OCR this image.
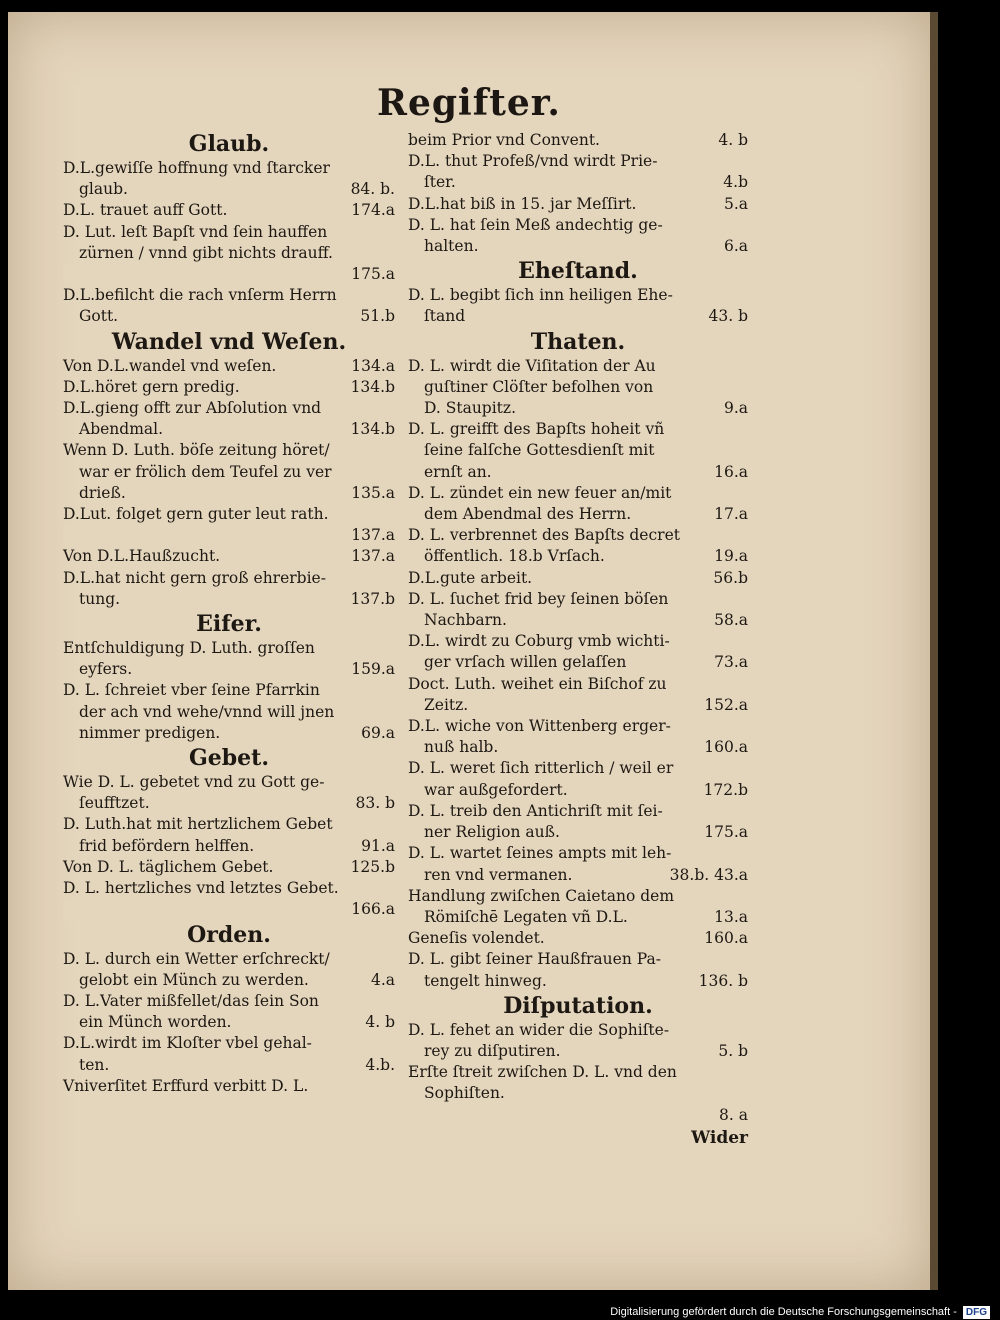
Regifter.
Glaub.
D.L.gewiſſe hoffnung vnd ſtarcker
glaub.	84. b.
D.L. trauet auff Gott.	174.a
D. Lut. leſt Bapſt vnd ſein hauffen
zürnen / vnnd gibt nichts drauff.
175.a
D.L.befilcht die rach vnſerm Herrn
Gott.	51.b
Wandel vnd Weſen.
Von D.L.wandel vnd weſen.	134.a
D.L.höret gern predig.	134.b
D.L.gieng offt zur Abſolution vnd
Abendmal.	134.b
Wenn D. Luth. böſe zeitung höret/
war er frölich dem Teufel zu ver
drieß.	135.a
D.Lut. folget gern guter leut rath.
137.a
Von D.L.Haußzucht.	137.a
D.L.hat nicht gern groß ehrerbie-
tung.	137.b
Eifer.
Entſchuldigung D. Luth. groſſen
eyfers.	159.a
D. L. ſchreiet vber ſeine Pfarrkin
der ach vnd wehe/vnnd will jnen
nimmer predigen.	69.a
Gebet.
Wie D. L. gebetet vnd zu Gott ge-
ſeufftzet.	83. b
D. Luth.hat mit hertzlichem Gebet
frid befördern helffen.	91.a
Von D. L. täglichem Gebet.	125.b
D. L. hertzliches vnd letztes Gebet.
166.a
Orden.
D. L. durch ein Wetter erſchreckt/
gelobt ein Münch zu werden.	4.a
D. L.Vater mißfellet/das ſein Son
ein Münch worden.	4. b
D.L.wirdt im Kloſter vbel gehal-
ten.	4.b.
Vniverſitet Erffurd verbitt D. L.
beim Prior vnd Convent.	4. b
D.L. thut Profeß/vnd wirdt Prie-
ſter.	4.b
D.L.hat biß in 15. jar Meſſirt.	5.a
D. L. hat ſein Meß andechtig ge-
halten.	6.a
Eheſtand.
D. L. begibt ſich inn heiligen Ehe-
ſtand	43. b
Thaten.
D. L. wirdt die Viſitation der Au
guſtiner Clöſter befolhen von
D. Staupitz.	9.a
D. L. greifft des Bapſts hoheit vñ
ſeine falſche Gottesdienſt mit
ernſt an.	16.a
D. L. zündet ein new feuer an/mit
dem Abendmal des Herrn.	17.a
D. L. verbrennet des Bapſts decret
öffentlich. 18.b Vrſach.	19.a
D.L.gute arbeit.	56.b
D. L. ſuchet frid bey ſeinen böſen
Nachbarn.	58.a
D.L. wirdt zu Coburg vmb wichti-
ger vrſach willen gelaſſen	73.a
Doct. Luth. weihet ein Biſchof zu
Zeitz.	152.a
D.L. wiche von Wittenberg erger-
nuß halb.	160.a
D. L. weret ſich ritterlich / weil er
war außgefordert.	172.b
D. L. treib den Antichriſt mit ſei-
ner Religion auß.	175.a
D. L. wartet ſeines ampts mit leh-
ren vnd vermanen.	38.b. 43.a
Handlung zwiſchen Caietano dem
Römiſchē Legaten vñ D.L.	13.a
Geneſis volendet.	160.a
D. L. gibt ſeiner Haußfrauen Pa-
tengelt hinweg.	136. b
Diſputation.
D. L. fehet an wider die Sophiſte-
rey zu diſputiren.	5. b
Erſte ſtreit zwiſchen D. L. vnd den
Sophiſten.
8. a
Wider
Digitalisierung gefördert durch die Deutsche Forschungsgemeinschaft - DFG
